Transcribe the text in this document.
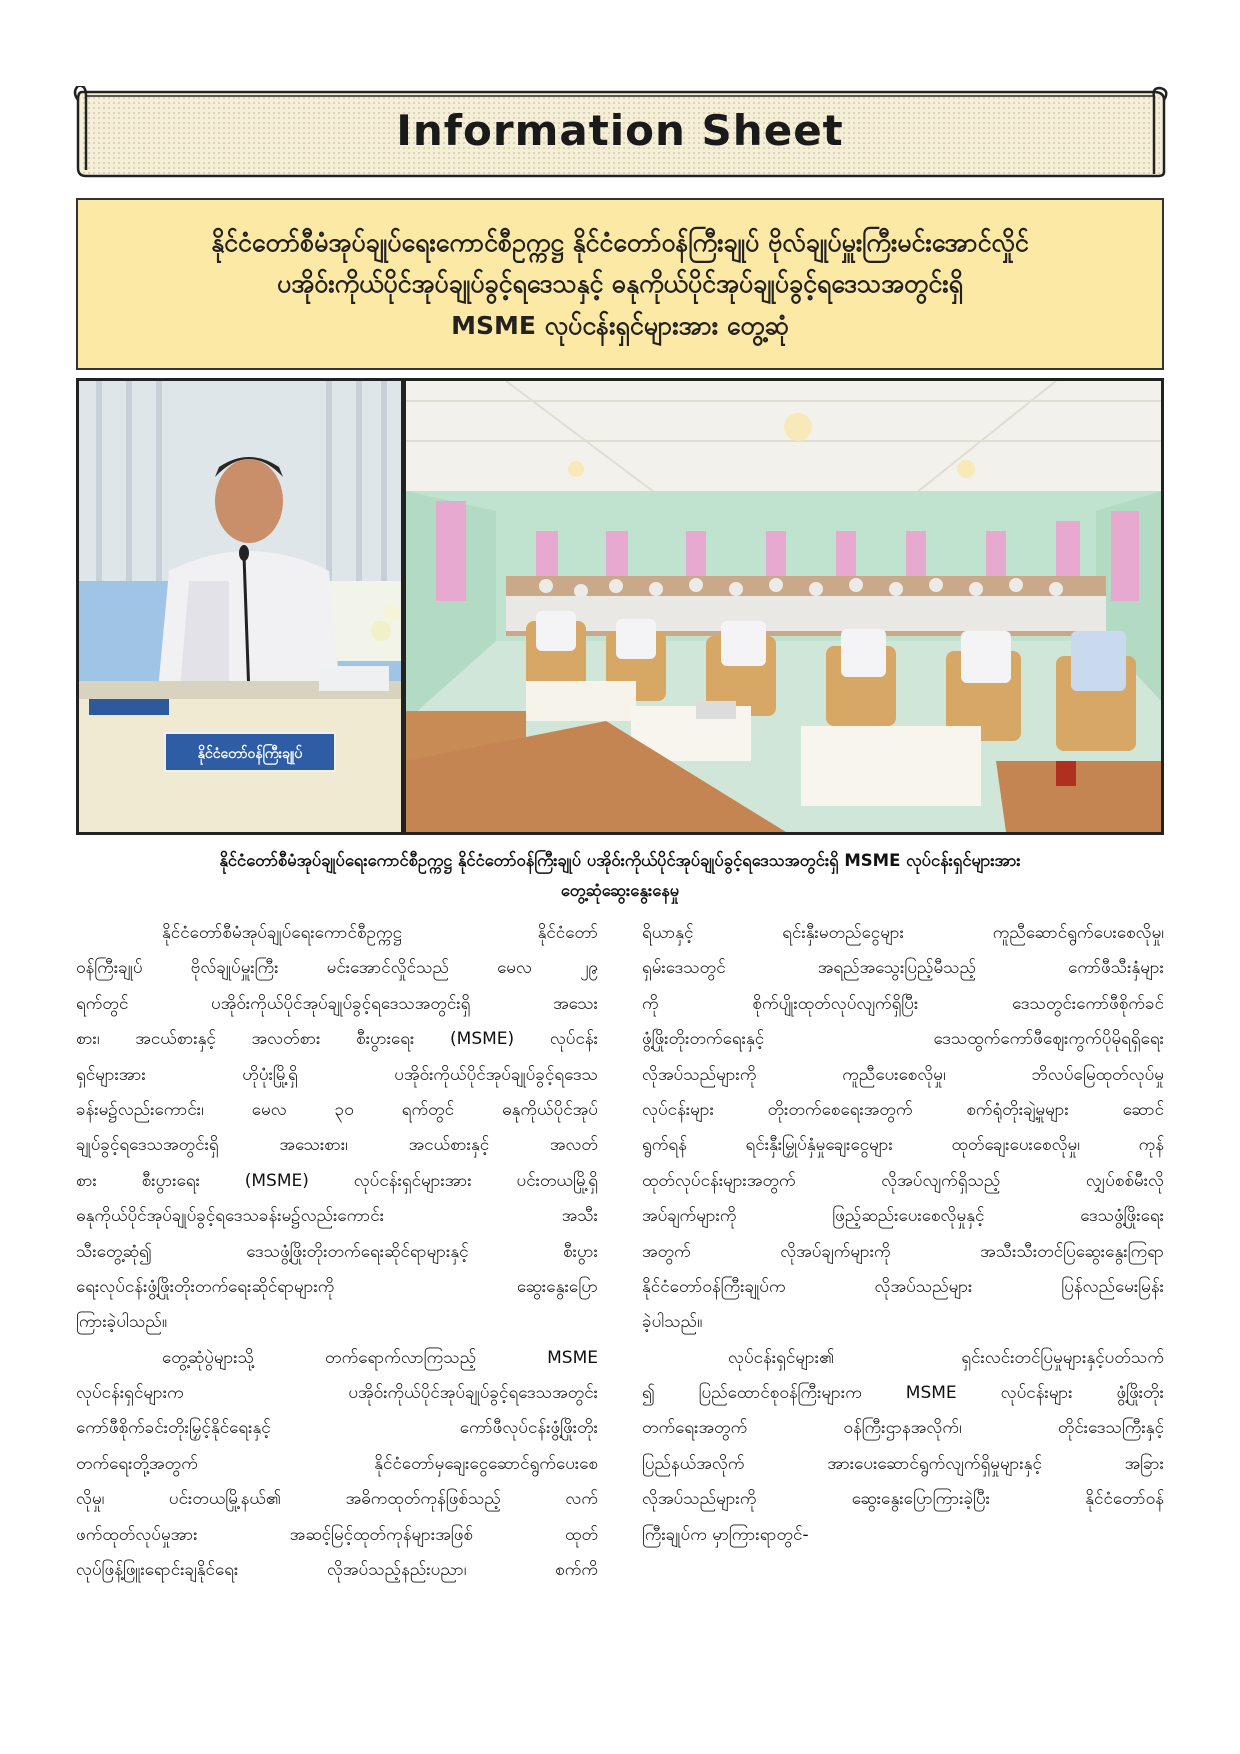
Information Sheet
နိုင်ငံတော်စီမံအုပ်ချုပ်ရေးကောင်စီဥက္ကဋ္ဌ နိုင်ငံတော်ဝန်ကြီးချုပ် ဗိုလ်ချုပ်မှူးကြီးမင်းအောင်လှိုင်
ပအိုဝ်းကိုယ်ပိုင်အုပ်ချုပ်ခွင့်ရဒေသနှင့် ဓနုကိုယ်ပိုင်အုပ်ချုပ်ခွင့်ရဒေသအတွင်းရှိ
MSME လုပ်ငန်းရှင်များအား တွေ့ဆုံ
နိုင်ငံတော်ဝန်ကြီးချုပ်
နိုင်ငံတော်စီမံအုပ်ချုပ်ရေးကောင်စီဥက္ကဋ္ဌ နိုင်ငံတော်ဝန်ကြီးချုပ် ပအိုဝ်းကိုယ်ပိုင်အုပ်ချုပ်ခွင့်ရဒေသအတွင်းရှိ MSME လုပ်ငန်းရှင်များအား
တွေ့ဆုံဆွေးနွေးနေမှု
နိုင်ငံတော်စီမံအုပ်ချုပ်ရေးကောင်စီဥက္ကဋ္ဌ နိုင်ငံတော်
ဝန်ကြီးချုပ် ဗိုလ်ချုပ်မှူးကြီး မင်းအောင်လှိုင်သည် မေလ ၂၉
ရက်တွင် ပအိုဝ်းကိုယ်ပိုင်အုပ်ချုပ်ခွင့်ရဒေသအတွင်းရှိ အသေး
စား၊ အငယ်စားနှင့် အလတ်စား စီးပွားရေး (MSME) လုပ်ငန်း
ရှင်များအား ဟိုပုံးမြို့ရှိ ပအိုဝ်းကိုယ်ပိုင်အုပ်ချုပ်ခွင့်ရဒေသ
ခန်းမ၌လည်းကောင်း၊ မေလ ၃၀ ရက်တွင် ဓနုကိုယ်ပိုင်အုပ်
ချုပ်ခွင့်ရဒေသအတွင်းရှိ အသေးစား၊ အငယ်စားနှင့် အလတ်
စား စီးပွားရေး (MSME) လုပ်ငန်းရှင်များအား ပင်းတယမြို့ရှိ
ဓနုကိုယ်ပိုင်အုပ်ချုပ်ခွင့်ရဒေသခန်းမ၌လည်းကောင်း အသီး
သီးတွေ့ဆုံ၍ ဒေသဖွံ့ဖြိုးတိုးတက်ရေးဆိုင်ရာများနှင့် စီးပွား
ရေးလုပ်ငန်းဖွံ့ဖြိုးတိုးတက်ရေးဆိုင်ရာများကို ဆွေးနွေးပြော
ကြားခဲ့ပါသည်။
တွေ့ဆုံပွဲများသို့ တက်ရောက်လာကြသည့် MSME
လုပ်ငန်းရှင်များက ပအိုဝ်းကိုယ်ပိုင်အုပ်ချုပ်ခွင့်ရဒေသအတွင်း
ကော်ဖီစိုက်ခင်းတိုးမြှင့်နိုင်ရေးနှင့် ကော်ဖီလုပ်ငန်းဖွံ့ဖြိုးတိုး
တက်ရေးတို့အတွက် နိုင်ငံတော်မှချေးငွေဆောင်ရွက်ပေးစေ
လိုမှု၊ ပင်းတယမြို့နယ်၏ အဓိကထုတ်ကုန်ဖြစ်သည့် လက်
ဖက်ထုတ်လုပ်မှုအား အဆင့်မြင့်ထုတ်ကုန်များအဖြစ် ထုတ်
လုပ်ဖြန့်ဖြူးရောင်းချနိုင်ရေး လိုအပ်သည့်နည်းပညာ၊ စက်ကိ
ရိယာနှင့် ရင်းနှီးမတည်ငွေများ ကူညီဆောင်ရွက်ပေးစေလိုမှု၊
ရှမ်းဒေသတွင် အရည်အသွေးပြည့်မီသည့် ကော်ဖီသီးနှံများ
ကို စိုက်ပျိုးထုတ်လုပ်လျက်ရှိပြီး ဒေသတွင်းကော်ဖီစိုက်ခင်
ဖွံ့ဖြိုးတိုးတက်ရေးနှင့် ဒေသထွက်ကော်ဖီဈေးကွက်ပိုမိုရရှိရေး
လိုအပ်သည်များကို ကူညီပေးစေလိုမှု၊ ဘိလပ်မြေထုတ်လုပ်မှု
လုပ်ငန်းများ တိုးတက်စေရေးအတွက် စက်ရုံတိုးချဲ့မှုများ ဆောင်
ရွက်ရန် ရင်းနှီးမြှုပ်နှံမှုချေးငွေများ ထုတ်ချေးပေးစေလိုမှု၊ ကုန်
ထုတ်လုပ်ငန်းများအတွက် လိုအပ်လျက်ရှိသည့် လျှပ်စစ်မီးလို
အပ်ချက်များကို ဖြည့်ဆည်းပေးစေလိုမှုနှင့် ဒေသဖွံ့ဖြိုးရေး
အတွက် လိုအပ်ချက်များကို အသီးသီးတင်ပြဆွေးနွေးကြရာ
နိုင်ငံတော်ဝန်ကြီးချုပ်က လိုအပ်သည်များ ပြန်လည်မေးမြန်း
ခဲ့ပါသည်။
လုပ်ငန်းရှင်များ၏ ရှင်းလင်းတင်ပြမှုများနှင့်ပတ်သက်
၍ ပြည်ထောင်စုဝန်ကြီးများက MSME လုပ်ငန်းများ ဖွံ့ဖြိုးတိုး
တက်ရေးအတွက် ဝန်ကြီးဌာနအလိုက်၊ တိုင်းဒေသကြီးနှင့်
ပြည်နယ်အလိုက် အားပေးဆောင်ရွက်လျက်ရှိမှုများနှင့် အခြား
လိုအပ်သည်များကို ဆွေးနွေးပြောကြားခဲ့ပြီး နိုင်ငံတော်ဝန်
ကြီးချုပ်က မှာကြားရာတွင်-
